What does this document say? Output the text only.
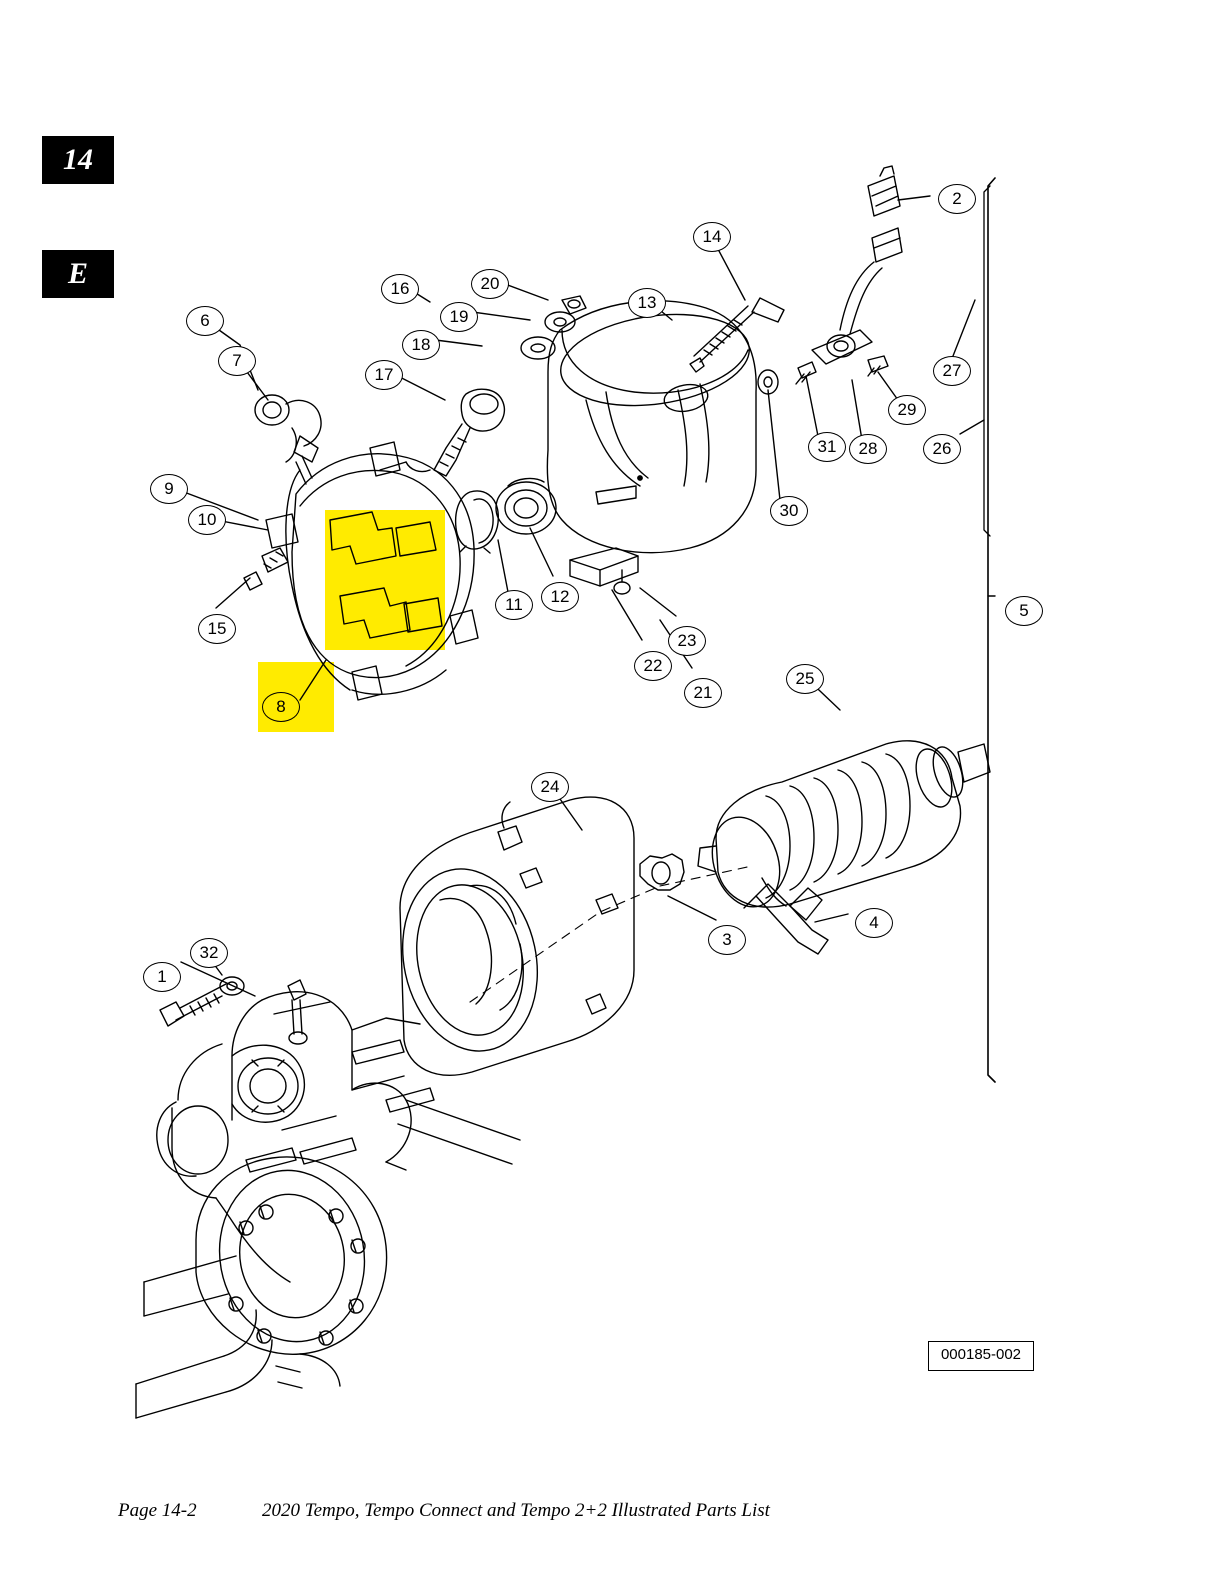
14
E
1
2
3
4
5
6
7
8
9
10
11	12
13
14
15
16
17
18
19
20
21
22
23
24
25
26
27
28
29
30
31
32
000185-002
Page 14-2	2020 Tempo, Tempo Connect and Tempo 2+2 Illustrated Parts List
